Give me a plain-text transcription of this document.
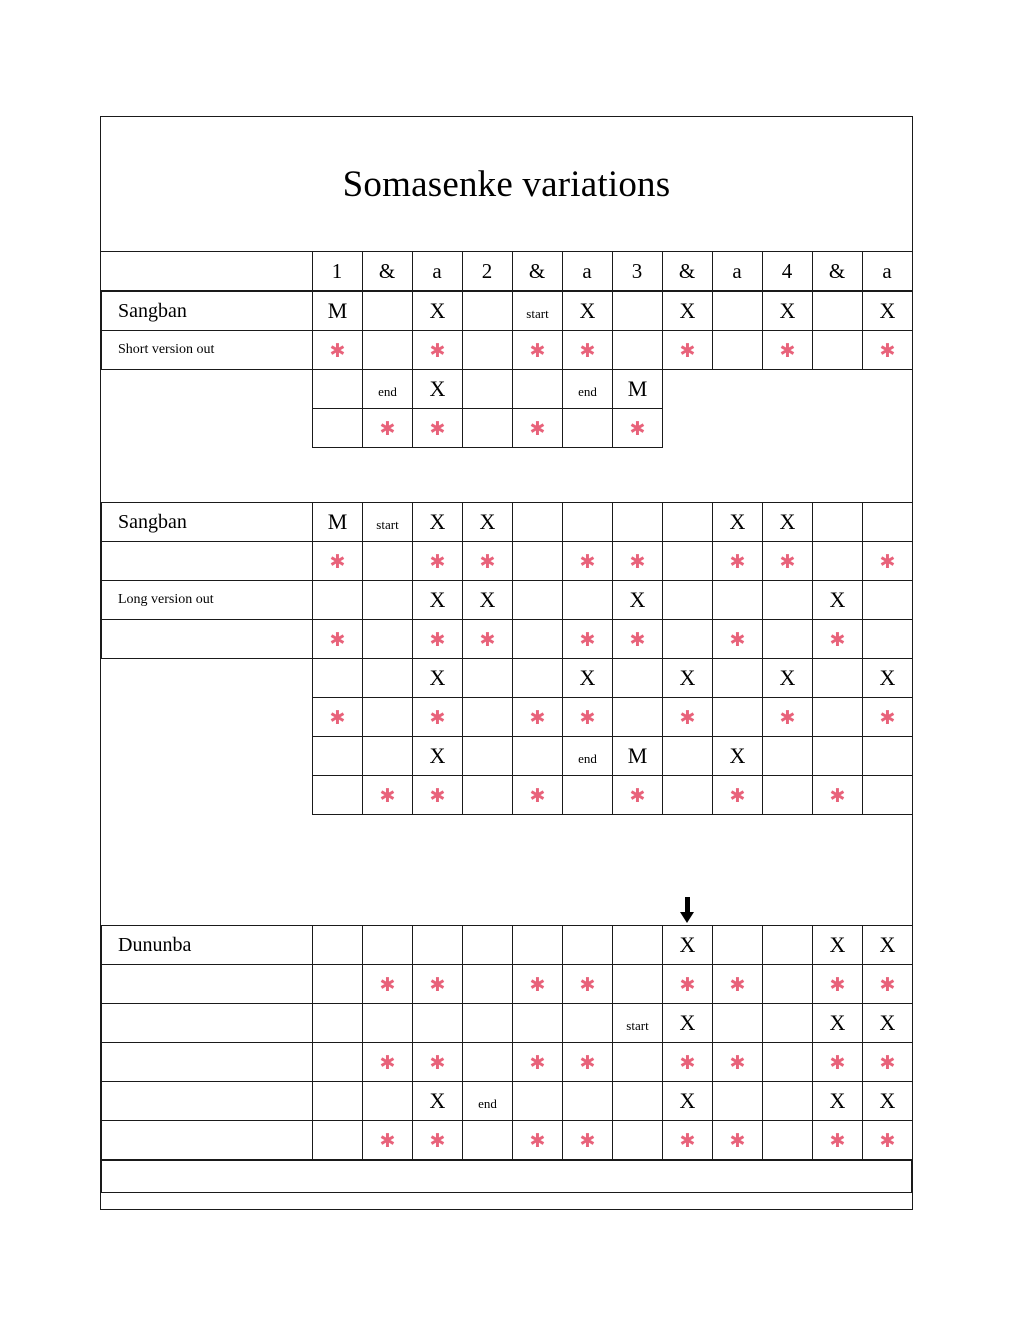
Somasenke variations
	1	&	a	2	&	a	3	&	a	4	&	a
Sangban	M		X		start	X		X		X		X
Short version out	✱		✱		✱	✱		✱		✱		✱
		end	X			end	M					
		✱	✱		✱		✱					

Sangban	M	start	X	X					X	X		
	✱		✱	✱		✱	✱		✱	✱		✱
Long version out			X	X			X				X	
	✱		✱	✱		✱	✱		✱		✱	
			X			X		X		X		X
	✱		✱		✱	✱		✱		✱		✱
			X			end	M		X			
		✱	✱		✱		✱		✱		✱	

Dununba								X			X	X
		✱	✱		✱	✱		✱	✱		✱	✱
							start	X			X	X
		✱	✱		✱	✱		✱	✱		✱	✱
			X	end				X			X	X
		✱	✱		✱	✱		✱	✱		✱	✱
